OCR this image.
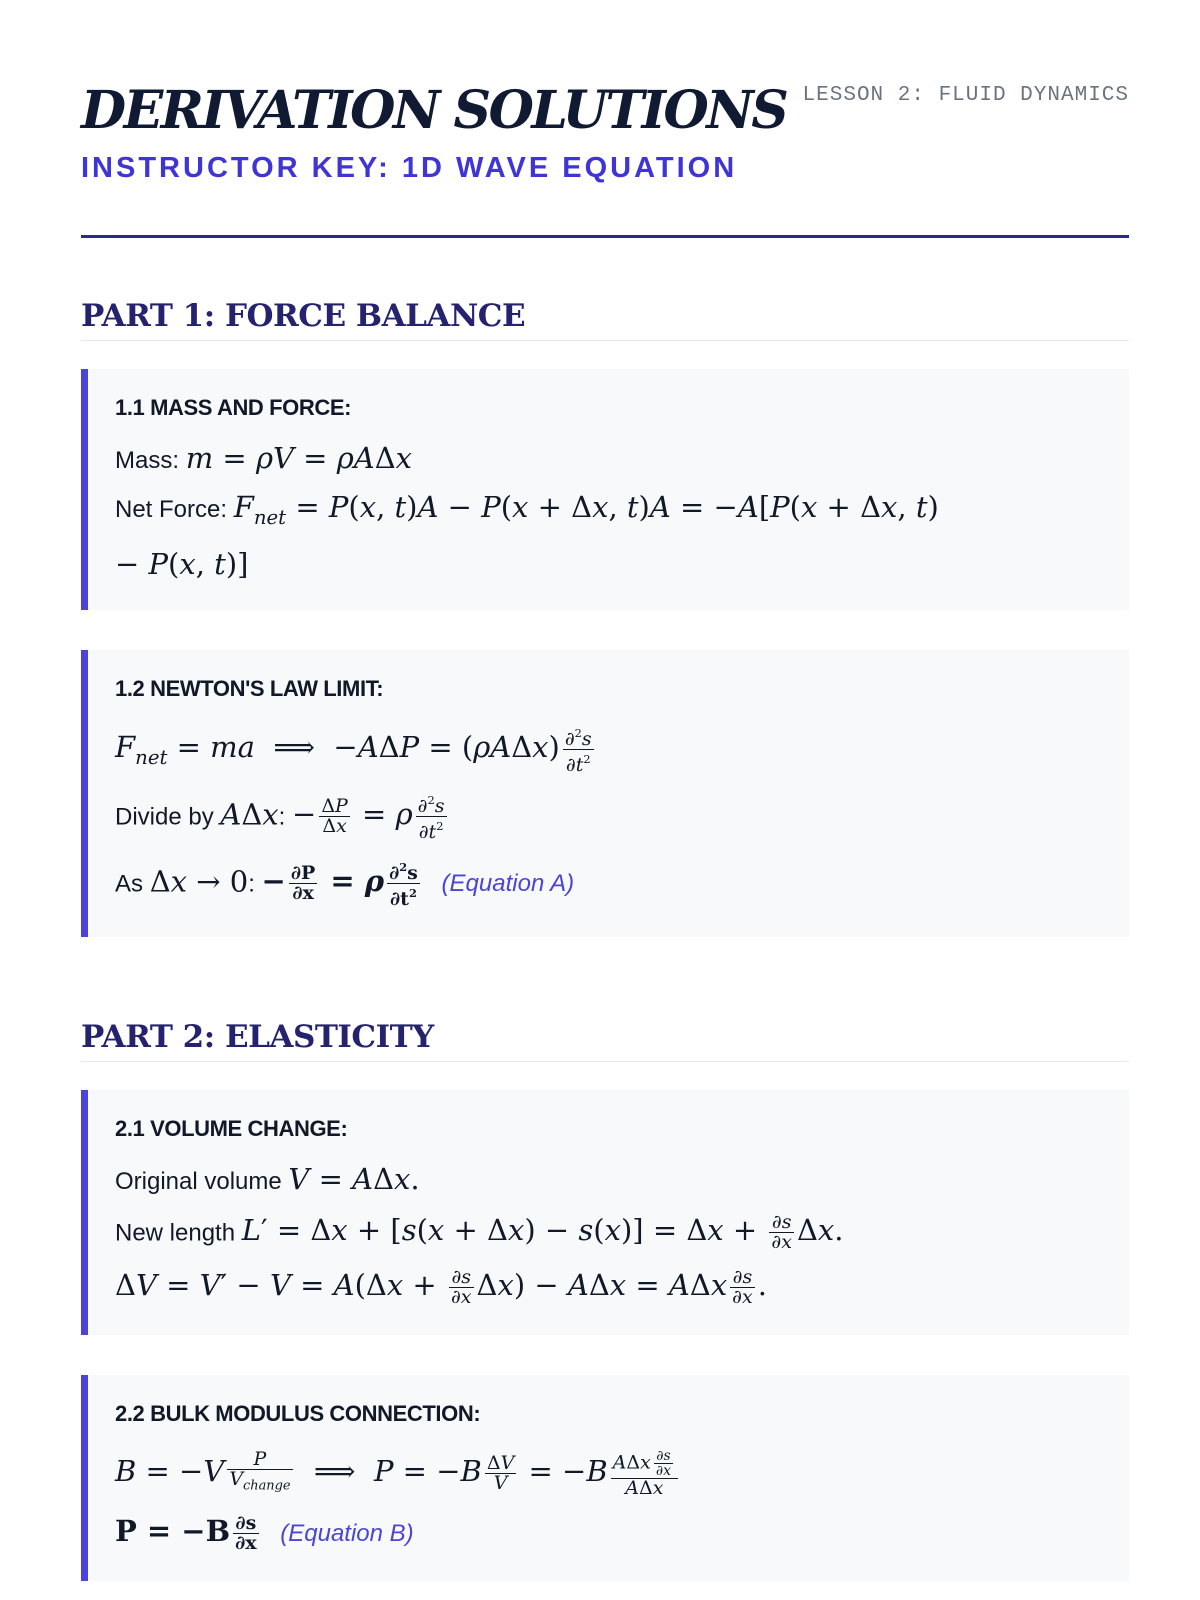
DERIVATION SOLUTIONS LESSON 2: FLUID DYNAMICS
INSTRUCTOR KEY: 1D WAVE EQUATION
PART 1: FORCE BALANCE
1.1 MASS AND FORCE:
Mass: m = ρV = ρAΔx
Net Force: $F_{net} = P(x$, t)A − P(x + Δx, t)A = −A[P(x + Δx, t)
− P(x, t)]
1.2 NEWTON'S LAW LIMIT:
$F_{net}$ = ma  ⟹  $-A\Delta P = (\rho A\Delta x) \frac{\partial^2s}{\partial t^2}$
Divide by AΔx: − $\frac{\Delta P}{\Delta x} = \rho \frac{\partial^2s}{\partial t^2}$
As Δx → 0: − $\frac{\partial P}{\partial x} = \rho \frac{\partial^2s}{\partial t^2}$ (Equation A)
PART 2: ELASTICITY
2.1 VOLUME CHANGE:
Original volume V = AΔx.
New length $L' = \Delta x + [s(x + \Delta x) - s(x)] = \Delta x + \frac{\partial s}{\partial x} \Delta x$.
$\Delta V = V' - V = A(\Delta x + \frac{\partial s}{\partial x} \Delta x) - A\Delta x = A\Delta x \frac{\partial s}{\partial x}$ .
2.2 BULK MODULUS CONNECTION:
$B = -V \frac{P}{V_{change}}$ ⟹  $P = -B \frac{\Delta V}{V} = -B \frac{A\Delta x \frac{\partial s}{\partial x}}{\text{AΔx}}$
$P = -B \frac{\partial s}{\partial x}$ (Equation B)
